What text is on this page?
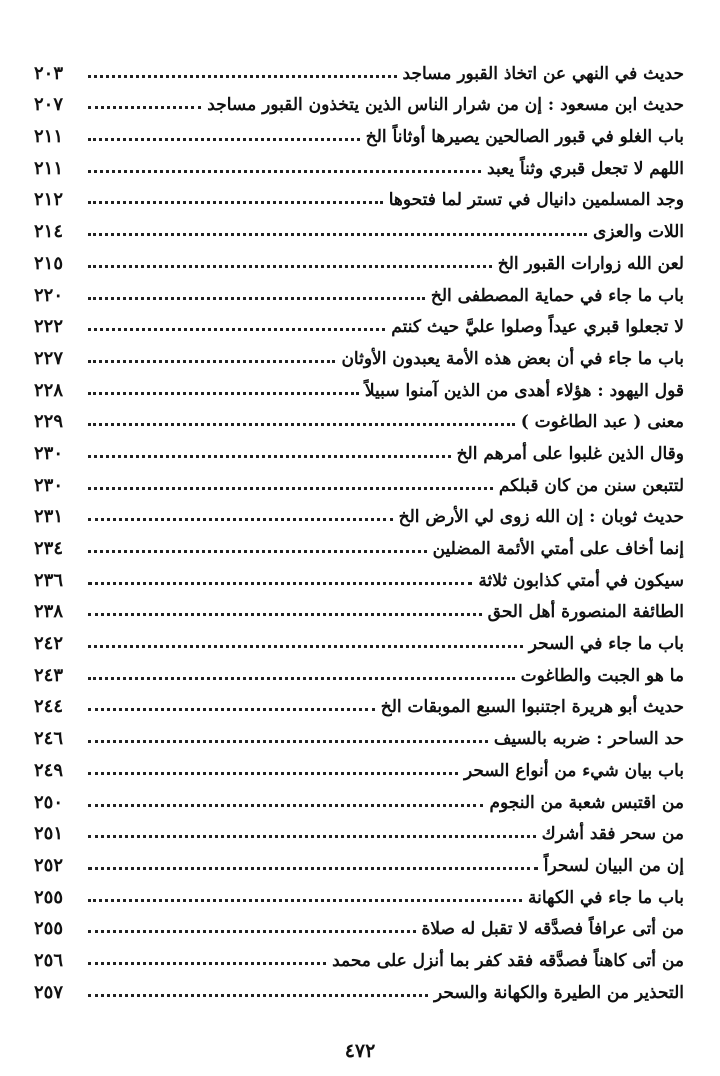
حديث في النهي عن اتخاذ القبور مساجد
٢٠٣
حديث ابن مسعود : إن من شرار الناس الذين يتخذون القبور مساجد
٢٠٧
باب الغلو في قبور الصالحين يصيرها أوثاناً الخ
٢١١
اللهم لا تجعل قبري وثناً يعبد
٢١١
وجد المسلمين دانيال في تستر لما فتحوها
٢١٢
اللات والعزى
٢١٤
لعن الله زوارات القبور الخ
٢١٥
باب ما جاء في حماية المصطفى الخ
٢٢٠
لا تجعلوا قبري عيداً وصلوا عليَّ حيث كنتم
٢٢٢
باب ما جاء في أن بعض هذه الأمة يعبدون الأوثان
٢٢٧
قول اليهود : هؤلاء أهدى من الذين آمنوا سبيلاً
٢٢٨
معنى ( عبد الطاغوت )
٢٢٩
وقال الذين غلبوا على أمرهم الخ
٢٣٠
لتتبعن سنن من كان قبلكم
٢٣٠
حديث ثوبان : إن الله زوى لي الأرض الخ
٢٣١
إنما أخاف على أمتي الأئمة المضلين
٢٣٤
سيكون في أمتي كذابون ثلاثة
٢٣٦
الطائفة المنصورة أهل الحق
٢٣٨
باب ما جاء في السحر
٢٤٢
ما هو الجبت والطاغوت
٢٤٣
حديث أبو هريرة اجتنبوا السبع الموبقات الخ
٢٤٤
حد الساحر : ضربه بالسيف
٢٤٦
باب بيان شيء من أنواع السحر
٢٤٩
من اقتبس شعبة من النجوم
٢٥٠
من سحر فقد أشرك
٢٥١
إن من البيان لسحراً
٢٥٢
باب ما جاء في الكهانة
٢٥٥
من أتى عرافاً فصدَّقه لا تقبل له صلاة
٢٥٥
من أتى كاهناً فصدَّقه فقد كفر بما أنزل على محمد
٢٥٦
التحذير من الطيرة والكهانة والسحر
٢٥٧
٤٧٢
